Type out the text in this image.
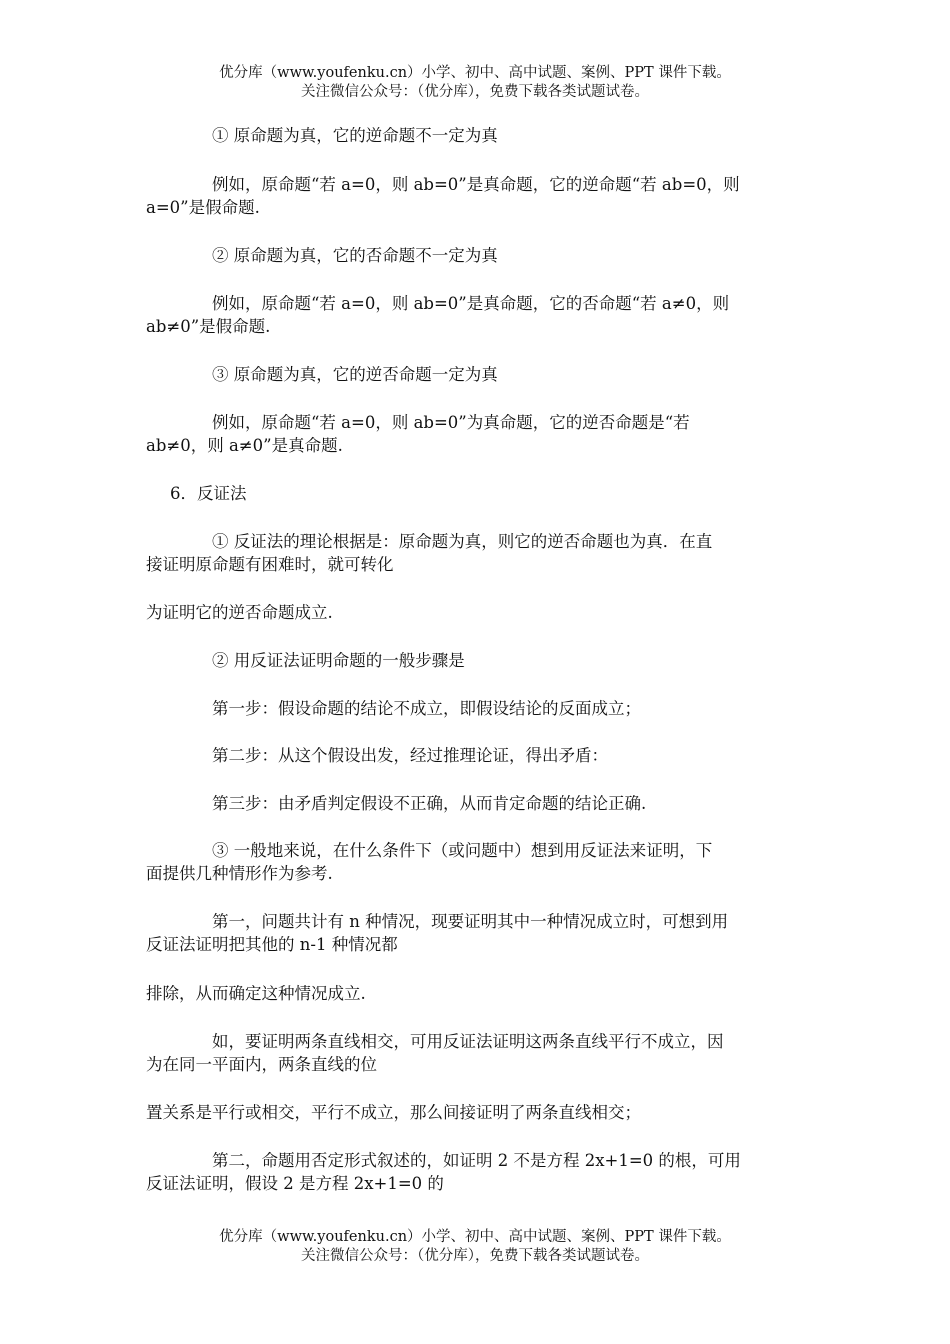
优分库（www.youfenku.cn）小学、初中、高中试题、案例、PPT 课件下载。
关注微信公众号：（优分库），免费下载各类试题试卷。
① 原命题为真，它的逆命题不一定为真
例如，原命题“若 a=0，则 ab=0”是真命题，它的逆命题“若 ab=0，则
a=0”是假命题.
② 原命题为真，它的否命题不一定为真
例如，原命题“若 a=0，则 ab=0”是真命题，它的否命题“若 a≠0，则
ab≠0”是假命题.
③ 原命题为真，它的逆否命题一定为真
例如，原命题“若 a=0，则 ab=0”为真命题，它的逆否命题是“若
ab≠0，则 a≠0”是真命题.
6．反证法
① 反证法的理论根据是：原命题为真，则它的逆否命题也为真．在直
接证明原命题有困难时，就可转化
为证明它的逆否命题成立.
② 用反证法证明命题的一般步骤是
第一步：假设命题的结论不成立，即假设结论的反面成立；
第二步：从这个假设出发，经过推理论证，得出矛盾：
第三步：由矛盾判定假设不正确，从而肯定命题的结论正确.
③ 一般地来说，在什么条件下（或问题中）想到用反证法来证明，下
面提供几种情形作为参考.
第一，问题共计有 n 种情况，现要证明其中一种情况成立时，可想到用
反证法证明把其他的 n-1 种情况都
排除，从而确定这种情况成立.
如，要证明两条直线相交，可用反证法证明这两条直线平行不成立，因
为在同一平面内，两条直线的位
置关系是平行或相交，平行不成立，那么间接证明了两条直线相交；
第二，命题用否定形式叙述的，如证明 2 不是方程 2x+1=0 的根，可用
反证法证明，假设 2 是方程 2x+1=0 的
优分库（www.youfenku.cn）小学、初中、高中试题、案例、PPT 课件下载。
关注微信公众号：（优分库），免费下载各类试题试卷。
